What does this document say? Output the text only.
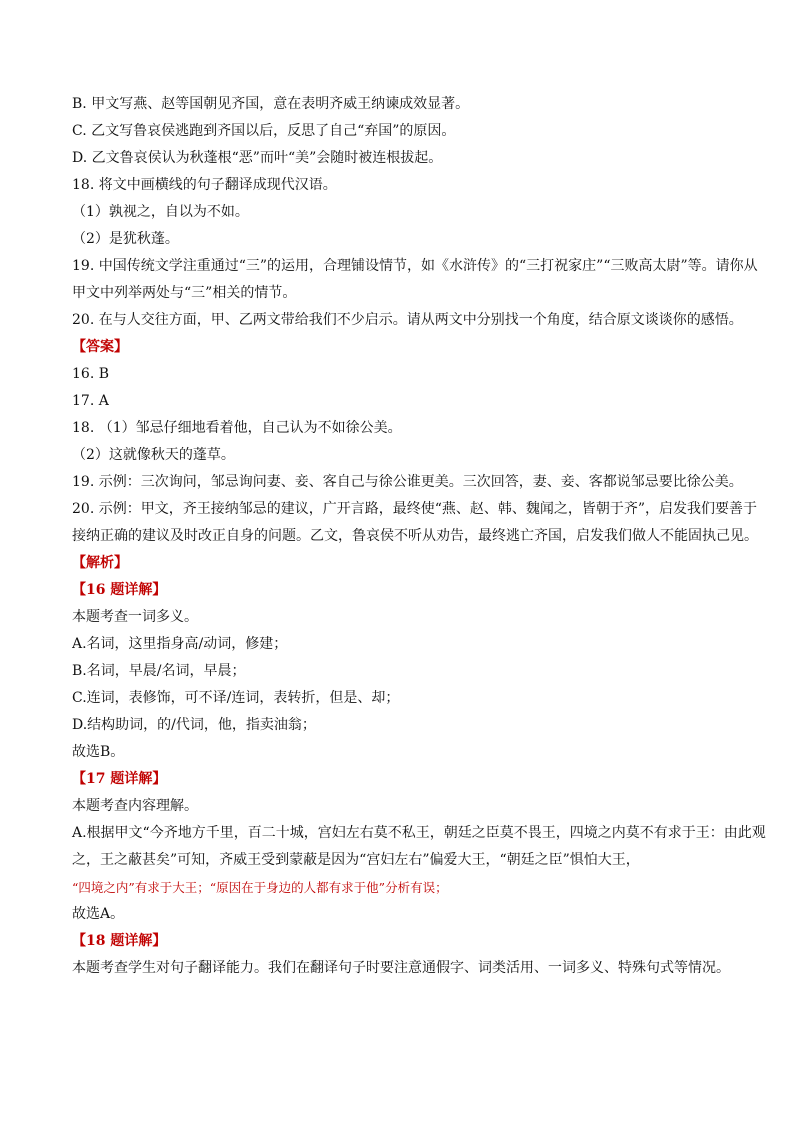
B. 甲文写燕、赵等国朝见齐国，意在表明齐威王纳谏成效显著。
C. 乙文写鲁哀侯逃跑到齐国以后，反思了自己“弃国”的原因。
D. 乙文鲁哀侯认为秋蓬根“恶”而叶“美”会随时被连根拔起。
18. 将文中画横线的句子翻译成现代汉语。
（1）孰视之，自以为不如。
（2）是犹秋蓬。
19. 中国传统文学注重通过“三”的运用，合理铺设情节，如《水浒传》的“三打祝家庄”“三败高太尉”等。请你从甲文中列举两处与“三”相关的情节。
20. 在与人交往方面，甲、乙两文带给我们不少启示。请从两文中分别找一个角度，结合原文谈谈你的感悟。
【答案】
16. B
17. A
18. （1）邹忌仔细地看着他，自己认为不如徐公美。
（2）这就像秋天的蓬草。
19. 示例：三次询问，邹忌询问妻、妾、客自己与徐公谁更美。三次回答，妻、妾、客都说邹忌要比徐公美。
20. 示例：甲文，齐王接纳邹忌的建议，广开言路，最终使“燕、赵、韩、魏闻之，皆朝于齐”，启发我们要善于接纳正确的建议及时改正自身的问题。乙文，鲁哀侯不听从劝告，最终逃亡齐国，启发我们做人不能固执己见。
【解析】
【16 题详解】
本题考查一词多义。
A.名词，这里指身高/动词，修建；
B.名词，早晨/名词，早晨；
C.连词，表修饰，可不译/连词，表转折，但是、却；
D.结构助词，的/代词，他，指卖油翁；
故选B。
【17 题详解】
本题考查内容理解。
A.根据甲文“今齐地方千里，百二十城，宫妇左右莫不私王，朝廷之臣莫不畏王，四境之内莫不有求于王：由此观之，王之蔽甚矣”可知，齐威王受到蒙蔽是因为“宫妇左右”偏爱大王，“朝廷之臣”惧怕大王，
“四境之内”有求于大王；“原因在于身边的人都有求于他”分析有误；
故选A。
【18 题详解】
本题考查学生对句子翻译能力。我们在翻译句子时要注意通假字、词类活用、一词多义、特殊句式等情况。
